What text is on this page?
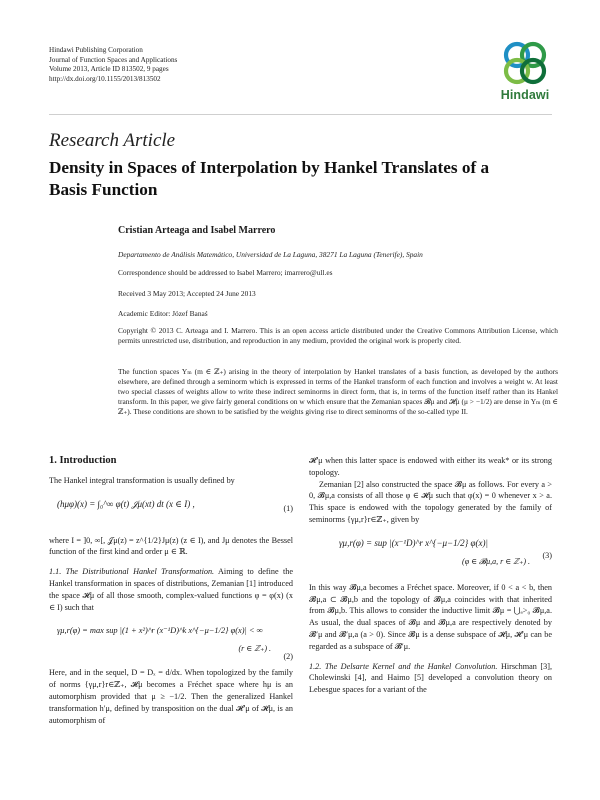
Hindawi Publishing Corporation
Journal of Function Spaces and Applications
Volume 2013, Article ID 813502, 9 pages
http://dx.doi.org/10.1155/2013/813502
Hindawi
Research Article
Density in Spaces of Interpolation by Hankel Translates of a Basis Function
Cristian Arteaga and Isabel Marrero
Departamento de Análisis Matemático, Universidad de La Laguna, 38271 La Laguna (Tenerife), Spain
Correspondence should be addressed to Isabel Marrero; imarrero@ull.es
Received 3 May 2013; Accepted 24 June 2013
Academic Editor: Józef Banaś
Copyright © 2013 C. Arteaga and I. Marrero. This is an open access article distributed under the Creative Commons Attribution License, which permits unrestricted use, distribution, and reproduction in any medium, provided the original work is properly cited.
The function spaces Yₘ (m ∈ ℤ₊) arising in the theory of interpolation by Hankel translates of a basis function, as developed by the authors elsewhere, are defined through a seminorm which is expressed in terms of the Hankel transform of each function and involves a weight w. At least two special classes of weights allow to write these indirect seminorms in direct form, that is, in terms of the function itself rather than its Hankel transform. In this paper, we give fairly general conditions on w which ensure that the Zemanian spaces 𝓑μ and 𝓗μ (μ > −1/2) are dense in Yₘ (m ∈ ℤ₊). These conditions are shown to be satisfied by the weights giving rise to direct seminorms of the so-called type II.
1. Introduction

The Hankel integral transformation is usually defined by

(hμφ)(x) = ∫₀^∞ φ(t) 𝒥μ(xt) dt (x ∈ I) ,	(1)

where I = ]0, ∞[, 𝒥μ(z) = z^{1/2}Jμ(z) (z ∈ I), and Jμ denotes the Bessel function of the first kind and order μ ∈ ℝ.

1.1. The Distributional Hankel Transformation. Aiming to define the Hankel transformation in spaces of distributions, Zemanian [1] introduced the space 𝓗μ of all those smooth, complex-valued functions φ = φ(x) (x ∈ I) such that

γμ,r(φ) = max sup |(1 + x²)^r (x⁻¹D)^k x^{−μ−1/2} φ(x)| < ∞
(r ∈ ℤ₊) .
(2)

Here, and in the sequel, D = Dₓ = d/dx. When topologized by the family of norms {γμ,r}r∈ℤ₊, 𝓗μ becomes a Fréchet space where hμ is an automorphism provided that μ ≥ −1/2. Then the generalized Hankel transformation h′μ, defined by transposition on the dual 𝓗′μ of 𝓗μ, is an automorphism of

𝓗′μ when this latter space is endowed with either its weak* or its strong topology.

Zemanian [2] also constructed the space 𝓑μ as follows. For every a > 0, 𝓑μ,a consists of all those φ ∈ 𝓗μ such that φ(x) = 0 whenever x > a. This space is endowed with the topology generated by the family of seminorms {γμ,r}r∈ℤ₊, given by

γμ,r(φ) = sup |(x⁻¹D)^r x^{−μ−1/2} φ(x)|
(φ ∈ 𝓑μ,a, r ∈ ℤ₊) .
(3)

In this way 𝓑μ,a becomes a Fréchet space. Moreover, if 0 < a < b, then 𝓑μ,a ⊂ 𝓑μ,b and the topology of 𝓑μ,a coincides with that inherited from 𝓑μ,b. This allows to consider the inductive limit 𝓑μ = ⋃ₐ>₀ 𝓑μ,a. As usual, the dual spaces of 𝓑μ and 𝓑μ,a are respectively denoted by 𝓑′μ and 𝓑′μ,a (a > 0). Since 𝓑μ is a dense subspace of 𝓗μ, 𝓗′μ can be regarded as a subspace of 𝓑′μ.

1.2. The Delsarte Kernel and the Hankel Convolution. Hirschman [3], Cholewinski [4], and Haimo [5] developed a convolution theory on Lebesgue spaces for a variant of the
